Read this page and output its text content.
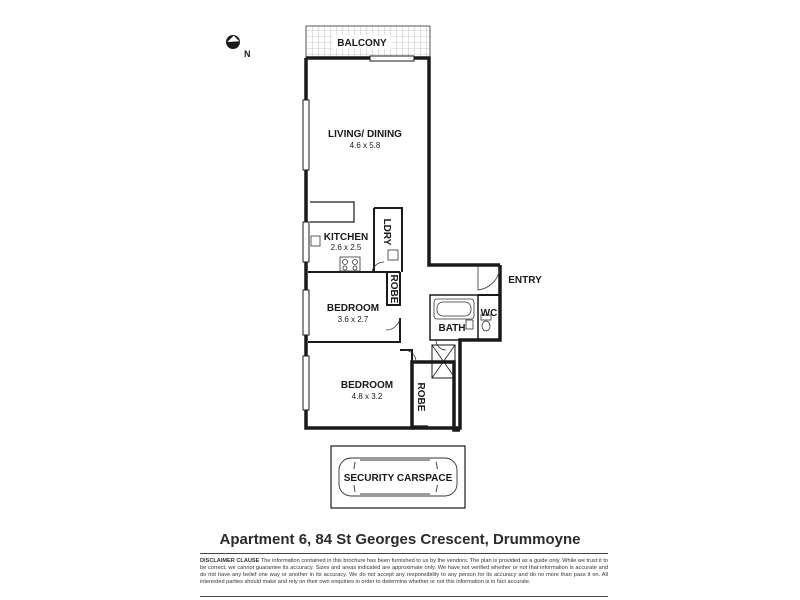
N
BALCONY
LIVING/ DINING
4.6 x 5.8
KITCHEN
2.6 x 2.5
LDRY
BEDROOM
3.6 x 2.7
ROBE
BEDROOM
4.8 x 3.2	ROBE
BATH
WC
ENTRY
SECURITY CARSPACE
Apartment 6, 84 St Georges Crescent, Drummoyne
DISCLAIMER CLAUSE The information contained in this brochure has been furnished to us by the vendors. The plan is provided as a guide only. While we trust it to be correct, we cannot guarantee its accuracy. Sizes and areas indicated are approximate only. We have not verified whether or not that information is accurate and do not have any belief one way or another in its accuracy. We do not accept any responsibility to any person for its accuracy and do no more than pass it on. All interested parties should make and rely on their own enquiries in order to determine whether or not this information is in fact accurate.
